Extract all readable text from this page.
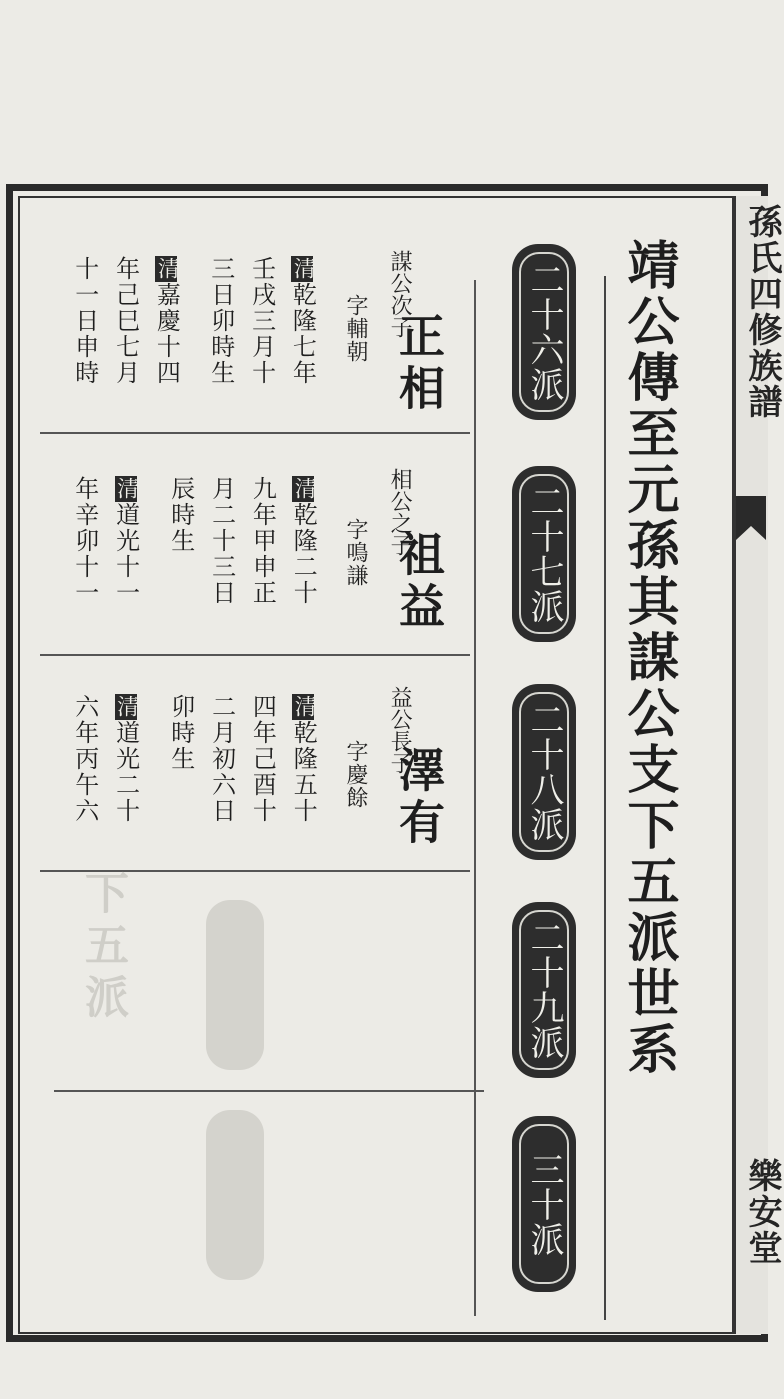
孫氏四修族譜
樂安堂
靖公傳至元孫其謀公支下五派世系
二十六派
二十七派
二十八派
二十九派
三十派
下五派
謀公次子
正相
字輔朝
清乾隆七年
壬戌三月十
三日卯時生
清嘉慶十四
年己巳七月
十一日申時
相公之子
祖益
字鳴謙
清乾隆二十
九年甲申正
月二十三日
辰時生
清道光十一
年辛卯十一
益公長子
澤有
字慶餘
清乾隆五十
四年己酉十
二月初六日
卯時生
清道光二十
六年丙午六
